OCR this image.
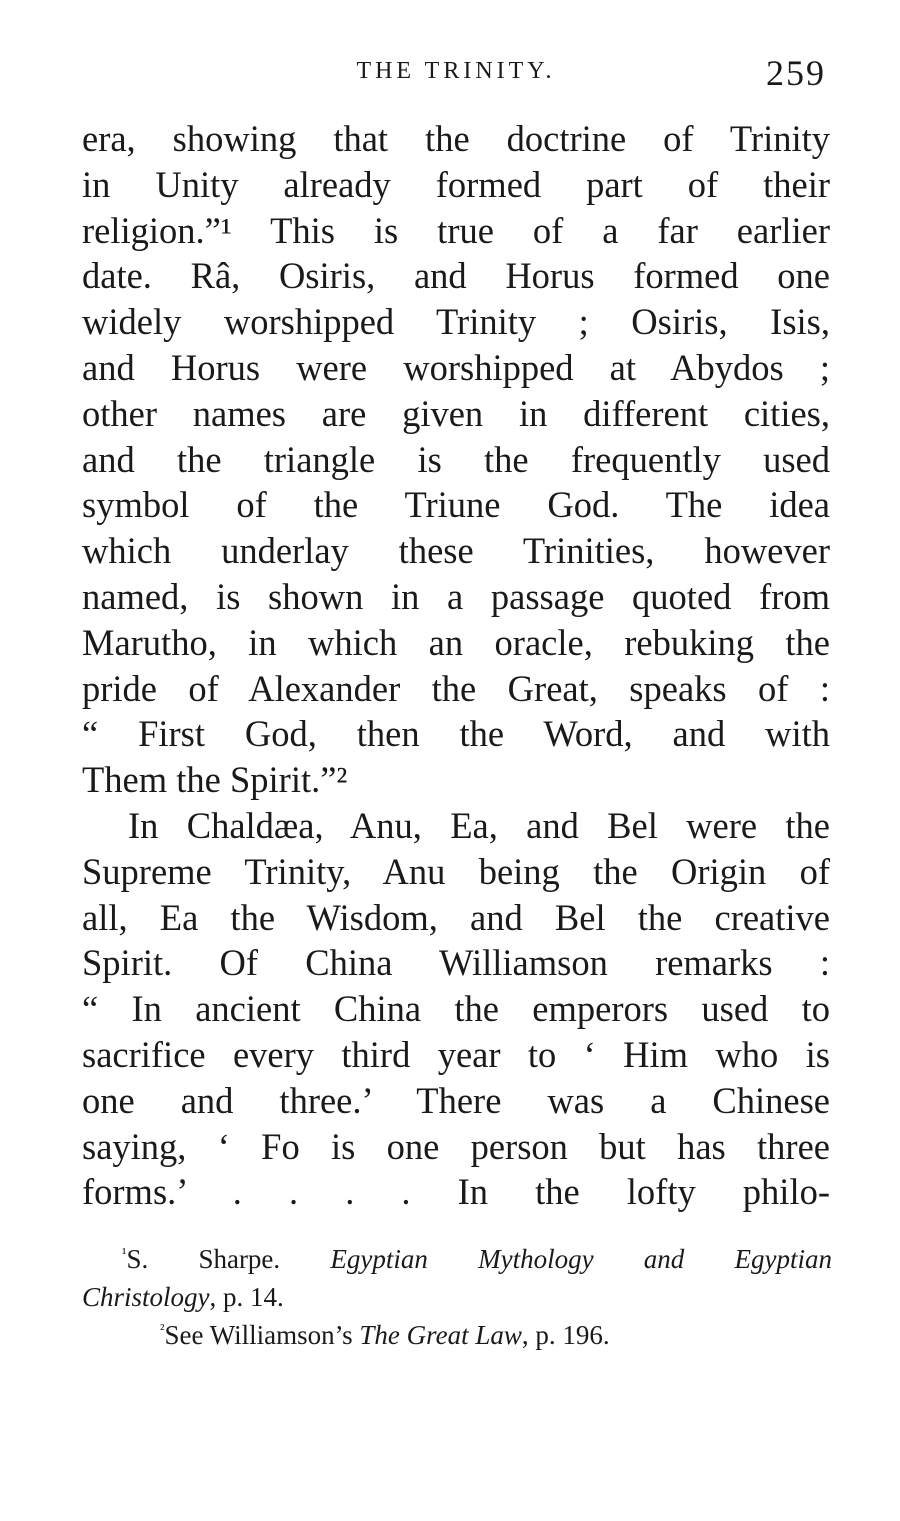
THE TRINITY.	259
era, showing that the doctrine of Trinity
in Unity already formed part of their
religion.”¹ This is true of a far earlier
date. Râ, Osiris, and Horus formed one
widely worshipped Trinity ; Osiris, Isis,
and Horus were worshipped at Abydos ;
other names are given in different cities,
and the triangle is the frequently used
symbol of the Triune God. The idea
which underlay these Trinities, however
named, is shown in a passage quoted from
Marutho, in which an oracle, rebuking the
pride of Alexander the Great, speaks of :
“ First God, then the Word, and with
Them the Spirit.”²
In Chaldæa, Anu, Ea, and Bel were the
Supreme Trinity, Anu being the Origin of
all, Ea the Wisdom, and Bel the creative
Spirit. Of China Williamson remarks :
“ In ancient China the emperors used to
sacrifice every third year to ‘ Him who is
one and three.’ There was a Chinese
saying, ‘ Fo is one person but has three
forms.’ . . . . In the lofty philo-
$^{^1}$S. Sharpe. Egyptian Mythology and Egyptian
Christology, p. 14.
$^{^2}$See Williamson’s The Great Law, p. 196.
